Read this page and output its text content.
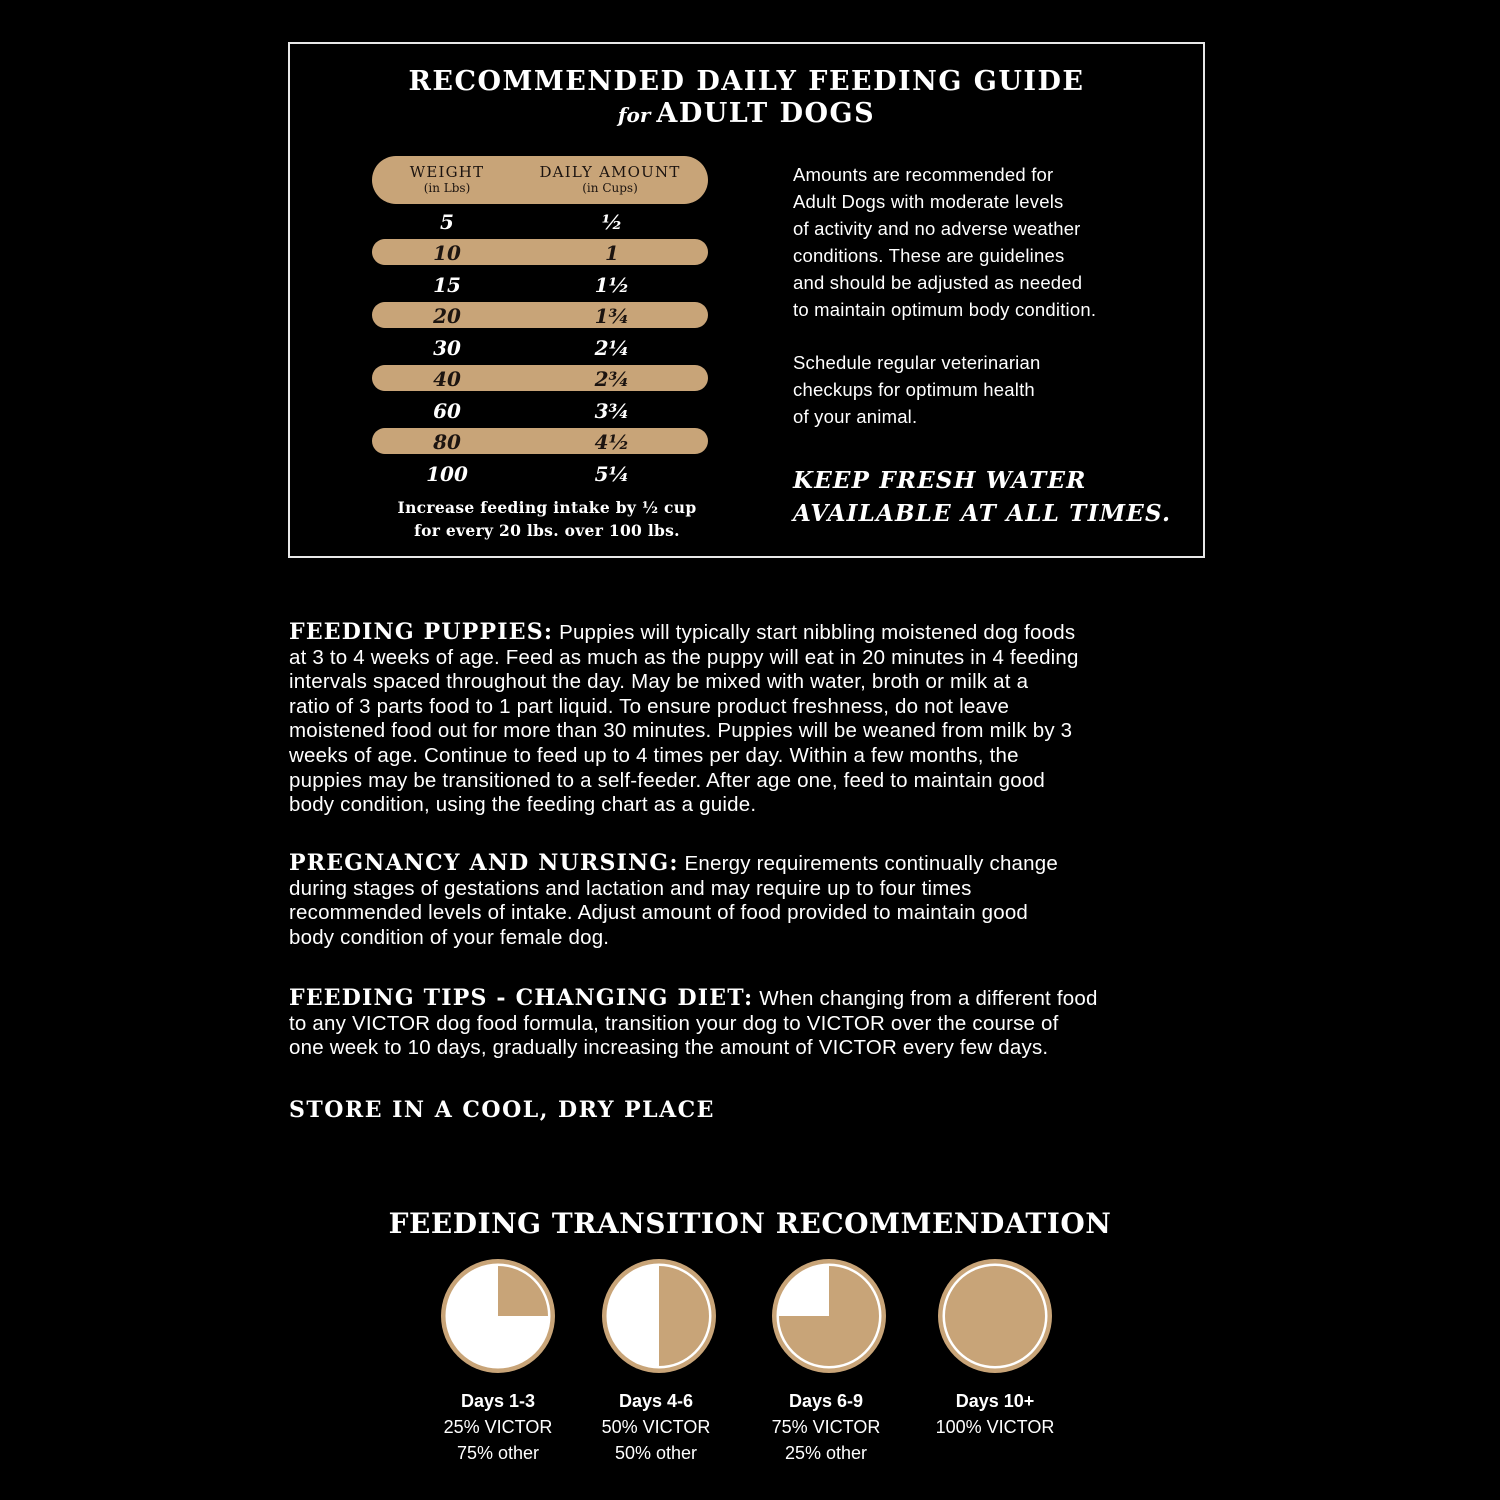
RECOMMENDED DAILY FEEDING GUIDE
for ADULT DOGS
WEIGHT
(in Lbs)
DAILY AMOUNT
(in Cups)
5	½
10	1
15	1½
20	1¾
30	2¼
40	2¾
60	3¾
80	4½
100	5¼
Increase feeding intake by ½ cup
for every 20 lbs. over 100 lbs.
Amounts are recommended for
Adult Dogs with moderate levels
of activity and no adverse weather
conditions. These are guidelines
and should be adjusted as needed
to maintain optimum body condition.
Schedule regular veterinarian
checkups for optimum health
of your animal.
KEEP FRESH WATER
AVAILABLE AT ALL TIMES.
FEEDING PUPPIES: Puppies will typically start nibbling moistened dog foods
at 3 to 4 weeks of age. Feed as much as the puppy will eat in 20 minutes in 4 feeding
intervals spaced throughout the day. May be mixed with water, broth or milk at a
ratio of 3 parts food to 1 part liquid. To ensure product freshness, do not leave
moistened food out for more than 30 minutes. Puppies will be weaned from milk by 3
weeks of age. Continue to feed up to 4 times per day. Within a few months, the
puppies may be transitioned to a self-feeder. After age one, feed to maintain good
body condition, using the feeding chart as a guide.
PREGNANCY AND NURSING: Energy requirements continually change
during stages of gestations and lactation and may require up to four times
recommended levels of intake. Adjust amount of food provided to maintain good
body condition of your female dog.
FEEDING TIPS - CHANGING DIET: When changing from a different food
to any VICTOR dog food formula, transition your dog to VICTOR over the course of
one week to 10 days, gradually increasing the amount of VICTOR every few days.
STORE IN A COOL, DRY PLACE
FEEDING TRANSITION RECOMMENDATION
Days 1-3
25% VICTOR
75% other
Days 4-6
50% VICTOR
50% other
Days 6-9
75% VICTOR
25% other
Days 10+
100% VICTOR
